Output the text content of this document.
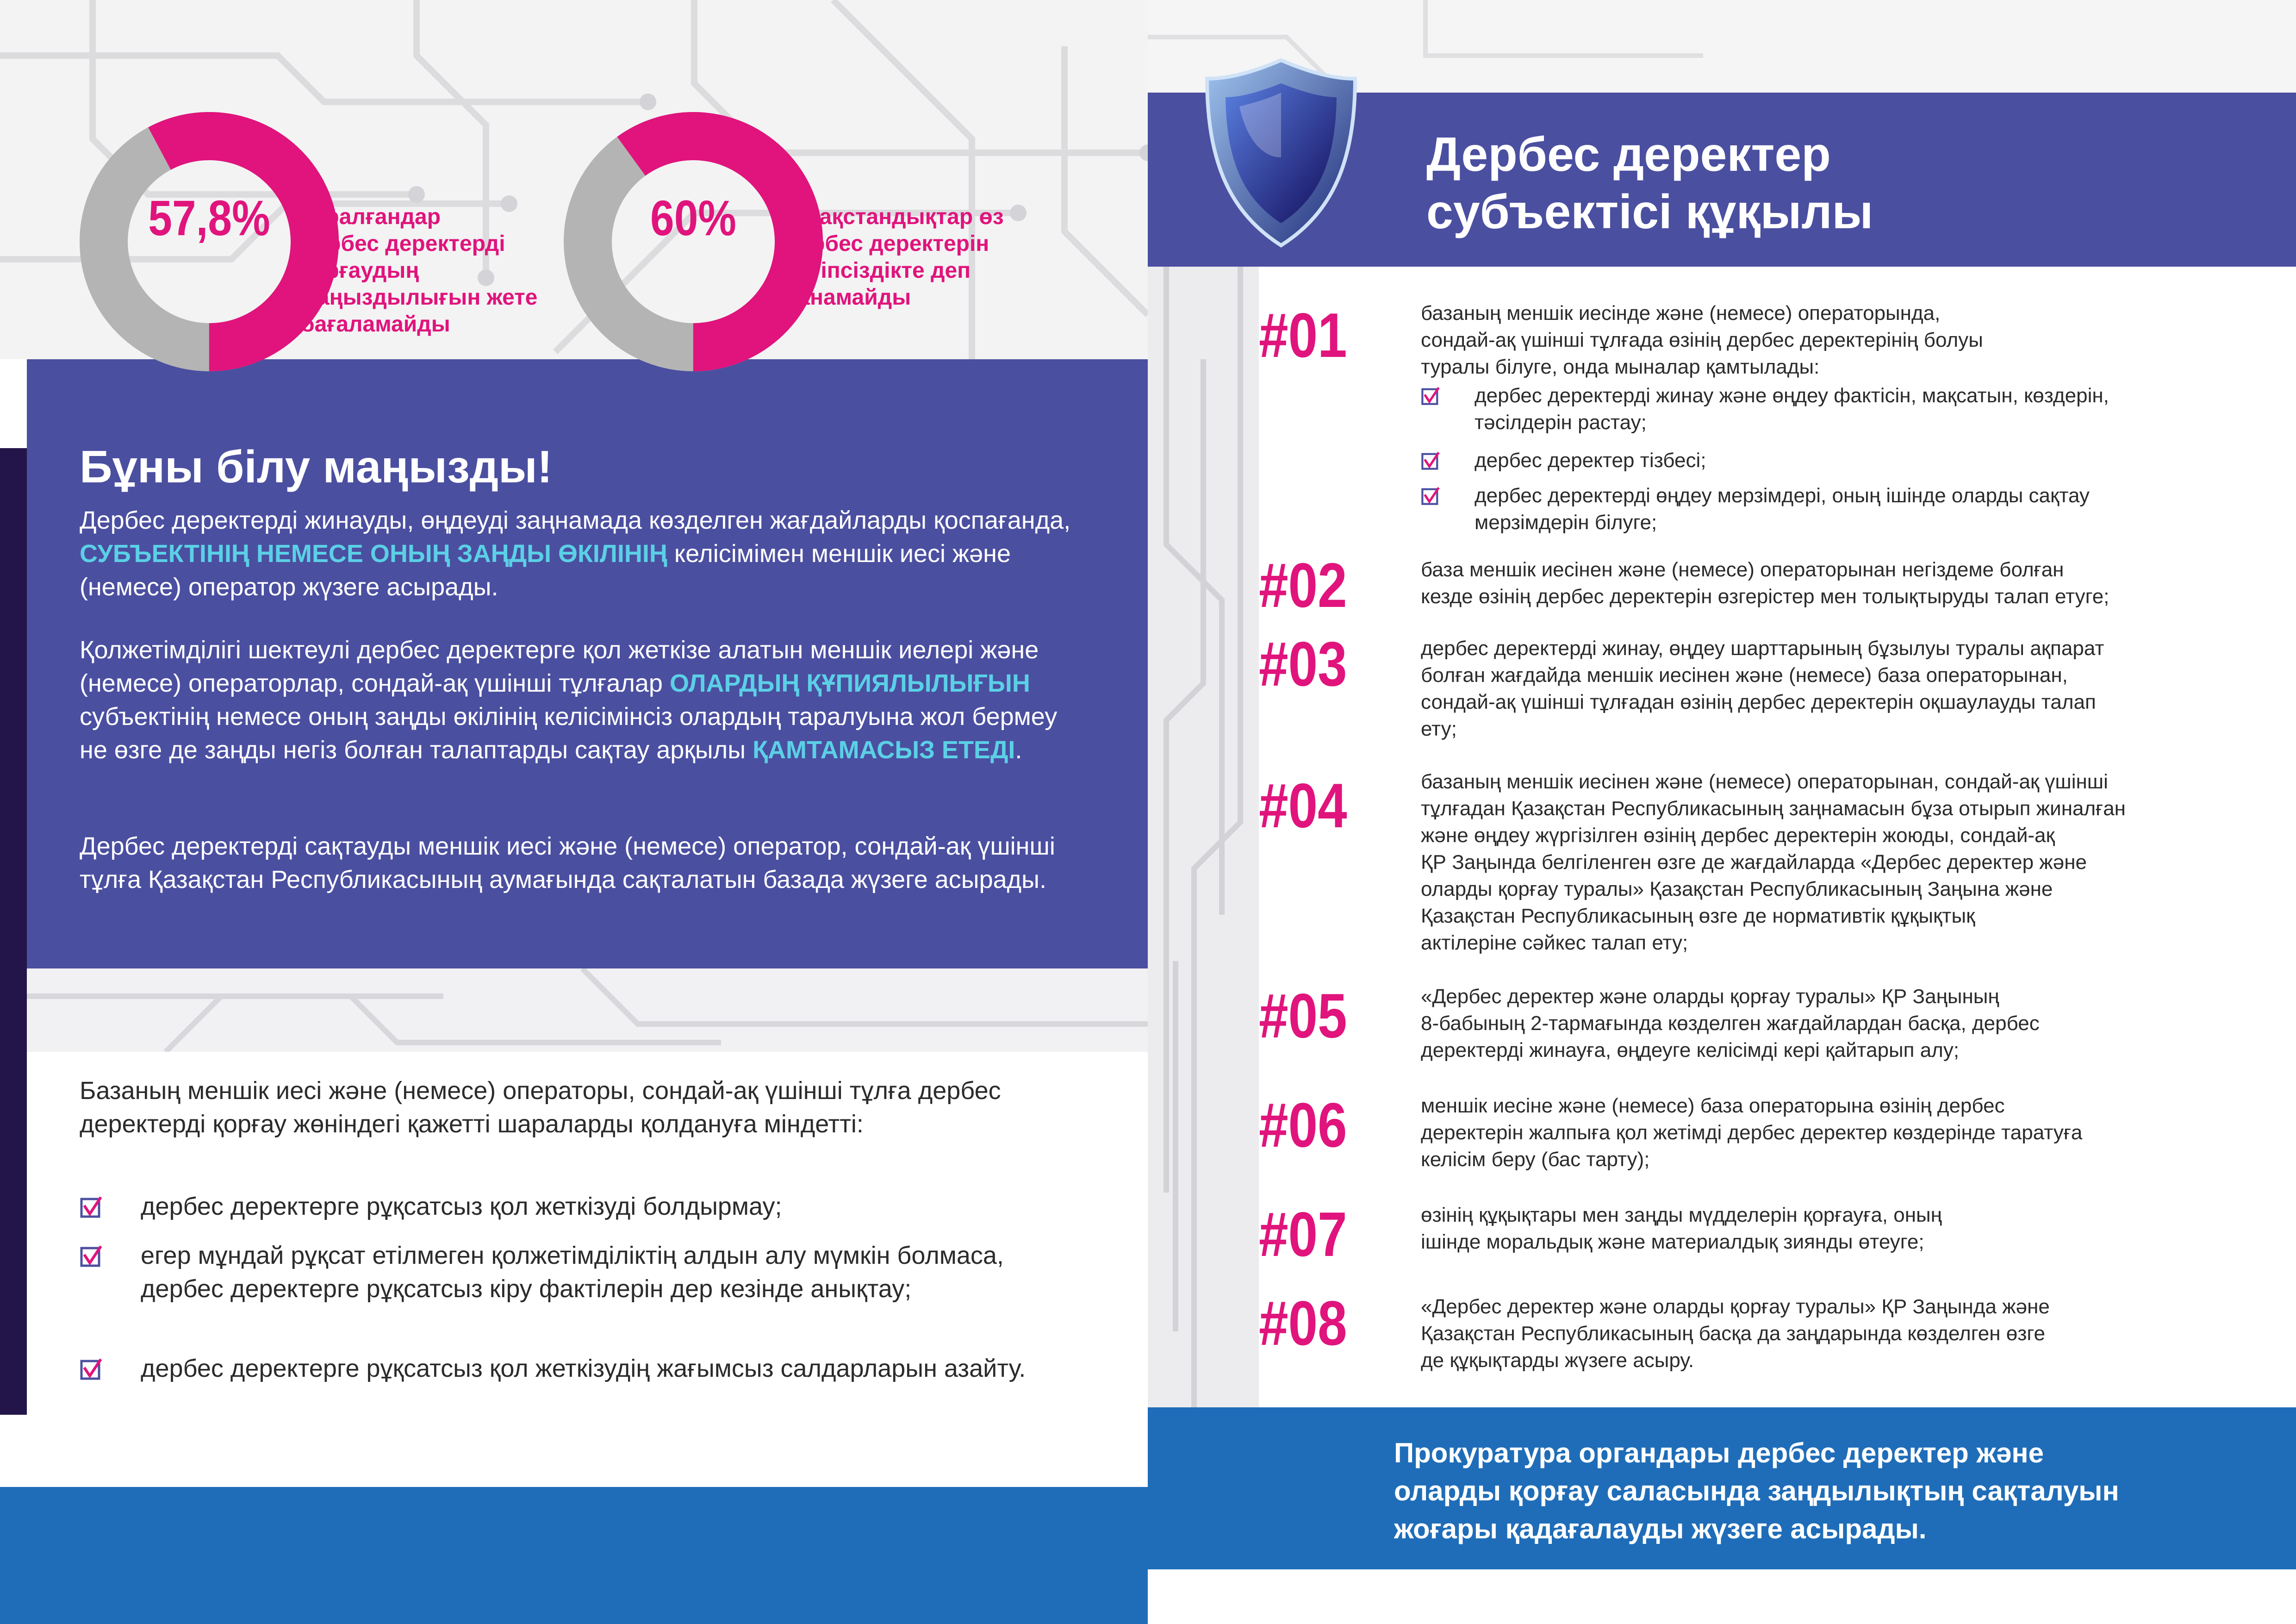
57,8%	сұралғандар
дербес деректерді
қорғаудың
маңыздылығын жете
бағаламайды
60%	қазақстандықтар өз
дербес деректерін
қауіпсіздікте деп
санамайды
Бұны білу маңызды!

Дербес деректерді жинауды, өңдеуді заңнамада көзделген жағдайларды қоспағанда, СУБЪЕКТІНІҢ НЕМЕСЕ ОНЫҢ ЗАҢДЫ ӨКІЛІНІҢ келісімімен меншік иесі және (немесе) оператор жүзеге асырады.

Қолжетімділігі шектеулі дербес деректерге қол жеткізе алатын меншік иелері және (немесе) операторлар, сондай-ақ үшінші тұлғалар ОЛАРДЫҢ ҚҰПИЯЛЫЛЫҒЫН субъектінің немесе оның заңды өкілінің келісімінсіз олардың таралуына жол бермеу не өзге де заңды негіз болған талаптарды сақтау арқылы ҚАМТАМАСЫЗ ЕТЕДІ.

Дербес деректерді сақтауды меншік иесі және (немесе) оператор, сондай-ақ үшінші тұлға Қазақстан Республикасының аумағында сақталатын базада жүзеге асырады.

Базаның меншік иесі және (немесе) операторы, сондай-ақ үшінші тұлға дербес деректерді қорғау жөніндегі қажетті шараларды қолдануға міндетті:

дербес деректерге рұқсатсыз қол жеткізуді болдырмау;
егер мұндай рұқсат етілмеген қолжетімділіктің алдын алу мүмкін болмаса, дербес деректерге рұқсатсыз кіру фактілерін дер кезінде анықтау;
дербес деректерге рұқсатсыз қол жеткізудің жағымсыз салдарларын азайту.
Дербес деректер
субъектісі құқылы
#01	базаның меншік иесінде және (немесе) операторында,
сондай-ақ үшінші тұлғада өзінің дербес деректерінің болуы
туралы білуге, онда мыналар қамтылады:
дербес деректерді жинау және өңдеу фактісін, мақсатын, көздерін,
тәсілдерін растау;
дербес деректер тізбесі;
дербес деректерді өңдеу мерзімдері, оның ішінде оларды сақтау
мерзімдерін білуге;
#02	база меншік иесінен және (немесе) операторынан негіздеме болған
кезде өзінің дербес деректерін өзгерістер мен толықтыруды талап етуге;
#03	дербес деректерді жинау, өңдеу шарттарының бұзылуы туралы ақпарат
болған жағдайда меншік иесінен және (немесе) база операторынан,
сондай-ақ үшінші тұлғадан өзінің дербес деректерін оқшаулауды талап
ету;
#04	базаның меншік иесінен және (немесе) операторынан, сондай-ақ үшінші
тұлғадан Қазақстан Республикасының заңнамасын бұза отырып жиналған
және өңдеу жүргізілген өзінің дербес деректерін жоюды, сондай-ақ
ҚР Заңында белгіленген өзге де жағдайларда «Дербес деректер және
оларды қорғау туралы» Қазақстан Республикасының Заңына және
Қазақстан Республикасының өзге де нормативтік құқықтық
актілеріне сәйкес талап ету;
#05	«Дербес деректер және оларды қорғау туралы» ҚР Заңының
8-бабының 2-тармағында көзделген жағдайлардан басқа, дербес
деректерді жинауға, өңдеуге келісімді кері қайтарып алу;
#06	меншік иесіне және (немесе) база операторына өзінің дербес
деректерін жалпыға қол жетімді дербес деректер көздерінде таратуға
келісім беру (бас тарту);
#07	өзінің құқықтары мен заңды мүдделерін қорғауға, оның
ішінде моральдық және материалдық зиянды өтеуге;
#08	«Дербес деректер және оларды қорғау туралы» ҚР Заңында және
Қазақстан Республикасының басқа да заңдарында көзделген өзге
де құқықтарды жүзеге асыру.

Прокуратура органдары дербес деректер және
оларды қорғау саласында заңдылықтың сақталуын
жоғары қадағалауды жүзеге асырады.
